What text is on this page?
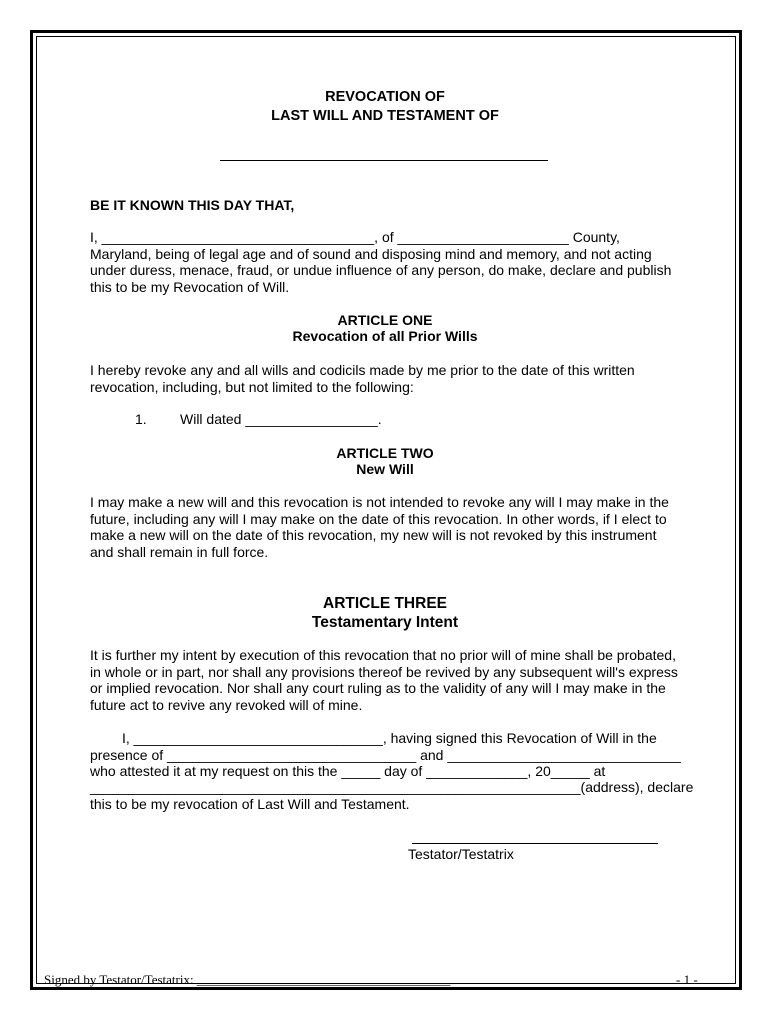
REVOCATION OF
LAST WILL AND TESTAMENT OF
BE IT KNOWN THIS DAY THAT,
I, ___________________________________, of ______________________ County, Maryland, being of legal age and of sound and disposing mind and memory, and not acting under duress, menace, fraud, or undue influence of any person, do make, declare and publish this to be my Revocation of Will.
ARTICLE ONE
Revocation of all Prior Wills
I hereby revoke any and all wills and codicils made by me prior to the date of this written revocation, including, but not limited to the following:
1.	Will dated _________________.
ARTICLE TWO
New Will
I may make a new will and this revocation is not intended to revoke any will I may make in the future, including any will I may make on the date of this revocation. In other words, if I elect to make a new will on the date of this revocation, my new will is not revoked by this instrument and shall remain in full force.
ARTICLE THREE
Testamentary Intent
It is further my intent by execution of this revocation that no prior will of mine shall be probated, in whole or in part, nor shall any provisions thereof be revived by any subsequent will's express or implied revocation. Nor shall any court ruling as to the validity of any will I may make in the future act to revive any revoked will of mine.
I, ________________________________, having signed this Revocation of Will in the
presence of ________________________________ and ______________________________
who attested it at my request on this the _____ day of _____________, 20_____ at
_______________________________________________________________(address), declare
this to be my revocation of Last Will and Testament.
Testator/Testatrix
Signed by Testator/Testatrix: _______________________________________	- 1 -
